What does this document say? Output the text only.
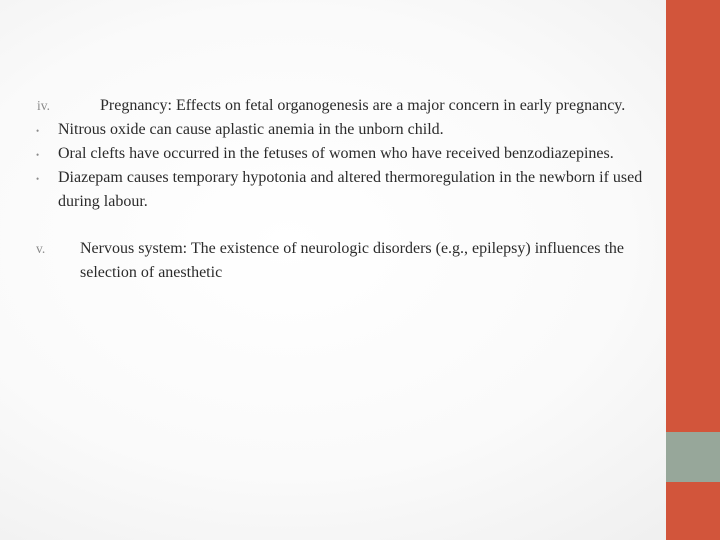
iv.	Pregnancy: Effects on fetal organogenesis are a major concern in early pregnancy.
• Nitrous oxide can cause aplastic anemia in the unborn child.
• Oral clefts have occurred in the fetuses of women who have received benzodiazepines.
• Diazepam causes temporary hypotonia and altered thermoregulation in the newborn if used during labour.
v. Nervous system: The existence of neurologic disorders (e.g., epilepsy) influences the selection of anesthetic
